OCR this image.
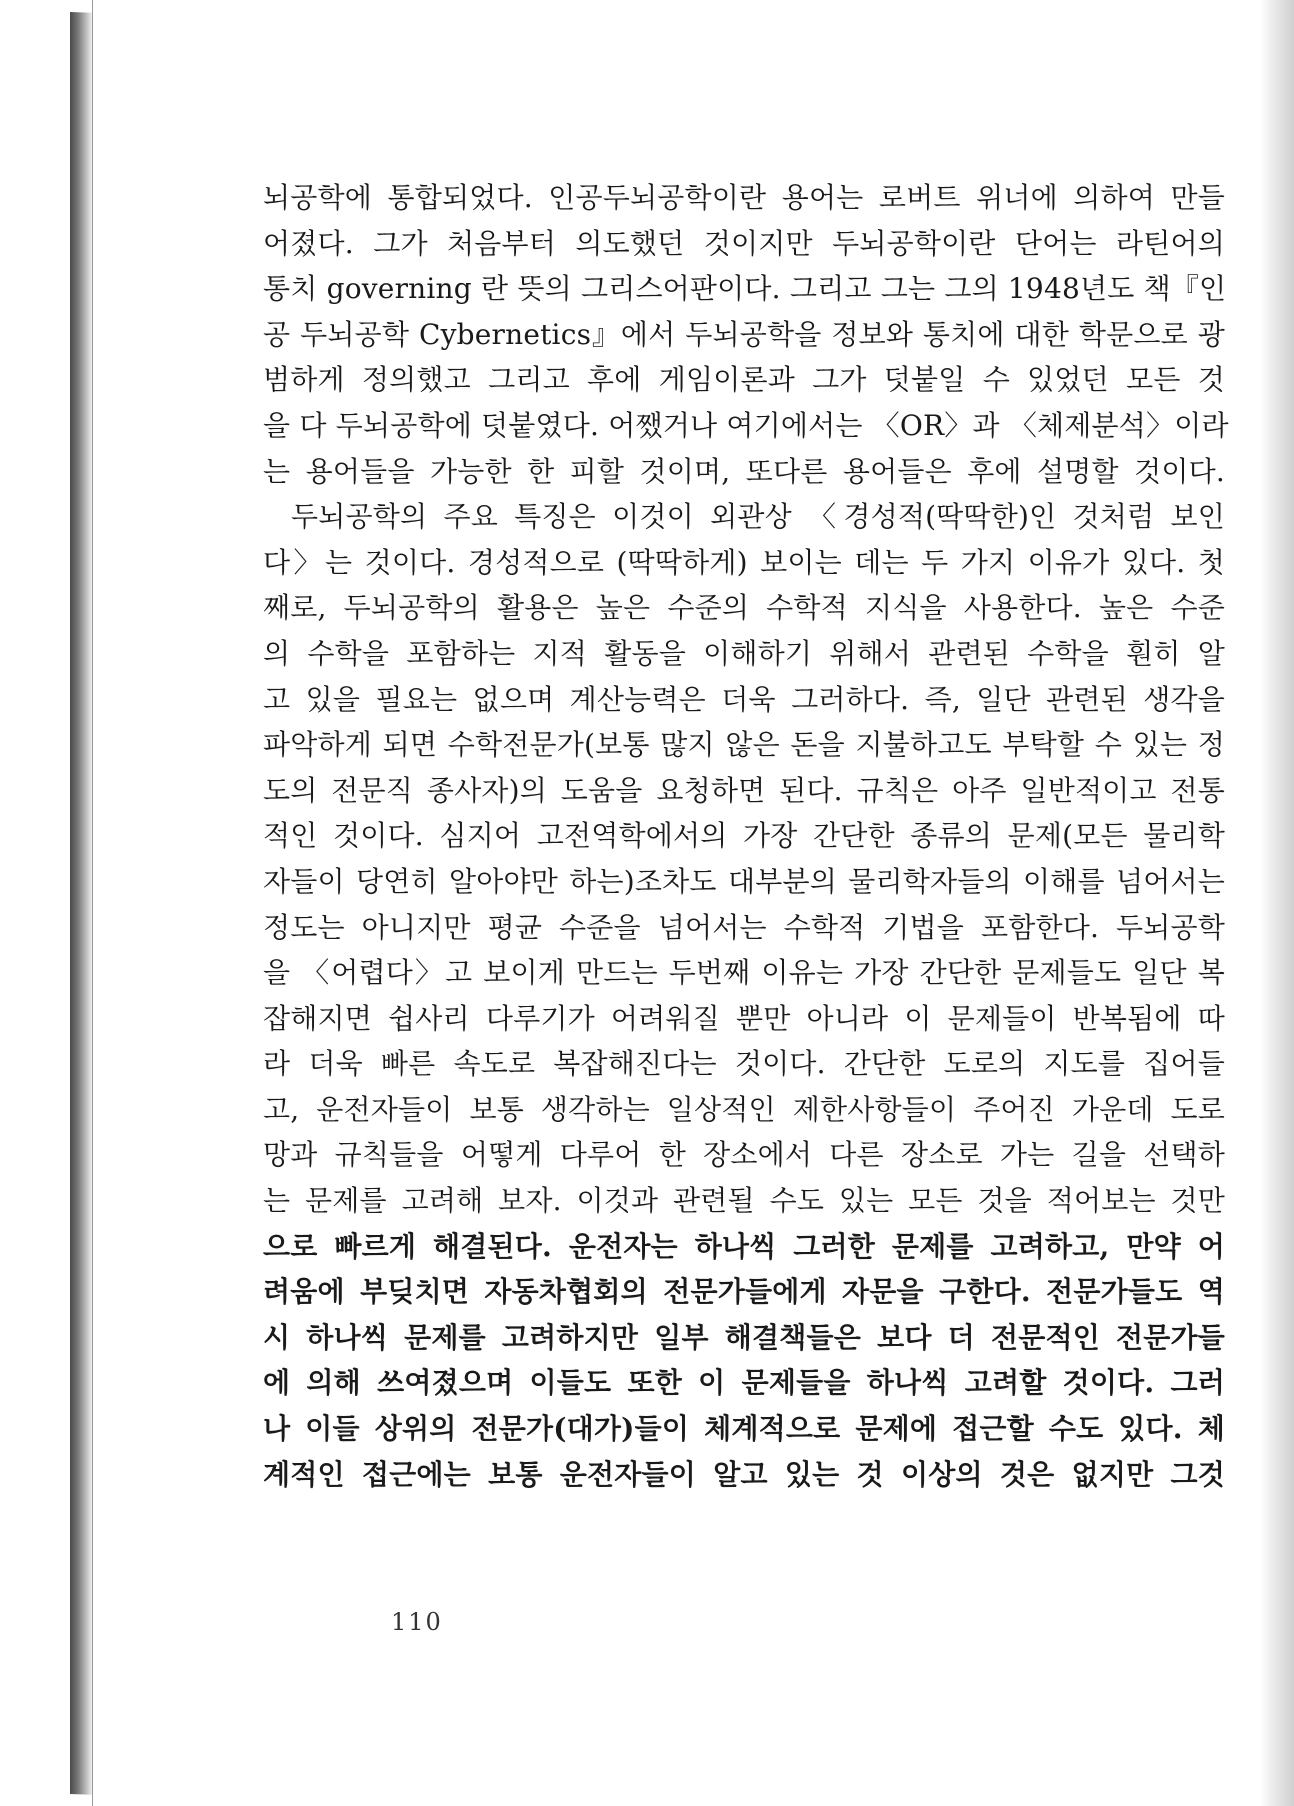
뇌공학에 통합되었다. 인공두뇌공학이란 용어는 로버트 위너에 의하여 만들
어졌다. 그가 처음부터 의도했던 것이지만 두뇌공학이란 단어는 라틴어의
통치 governing 란 뜻의 그리스어판이다. 그리고 그는 그의 1948년도 책『인
공 두뇌공학 Cybernetics』에서 두뇌공학을 정보와 통치에 대한 학문으로 광
범하게 정의했고 그리고 후에 게임이론과 그가 덧붙일 수 있었던 모든 것
을 다 두뇌공학에 덧붙였다. 어쨌거나 여기에서는 〈OR〉과 〈체제분석〉이라
는 용어들을 가능한 한 피할 것이며, 또다른 용어들은 후에 설명할 것이다.
두뇌공학의 주요 특징은 이것이 외관상 〈경성적(딱딱한)인 것처럼 보인
다〉는 것이다. 경성적으로 (딱딱하게) 보이는 데는 두 가지 이유가 있다. 첫
째로, 두뇌공학의 활용은 높은 수준의 수학적 지식을 사용한다. 높은 수준
의 수학을 포함하는 지적 활동을 이해하기 위해서 관련된 수학을 훤히 알
고 있을 필요는 없으며 계산능력은 더욱 그러하다. 즉, 일단 관련된 생각을
파악하게 되면 수학전문가(보통 많지 않은 돈을 지불하고도 부탁할 수 있는 정
도의 전문직 종사자)의 도움을 요청하면 된다. 규칙은 아주 일반적이고 전통
적인 것이다. 심지어 고전역학에서의 가장 간단한 종류의 문제(모든 물리학
자들이 당연히 알아야만 하는)조차도 대부분의 물리학자들의 이해를 넘어서는
정도는 아니지만 평균 수준을 넘어서는 수학적 기법을 포함한다. 두뇌공학
을 〈어렵다〉고 보이게 만드는 두번째 이유는 가장 간단한 문제들도 일단 복
잡해지면 쉽사리 다루기가 어려워질 뿐만 아니라 이 문제들이 반복됨에 따
라 더욱 빠른 속도로 복잡해진다는 것이다. 간단한 도로의 지도를 집어들
고, 운전자들이 보통 생각하는 일상적인 제한사항들이 주어진 가운데 도로
망과 규칙들을 어떻게 다루어 한 장소에서 다른 장소로 가는 길을 선택하
는 문제를 고려해 보자. 이것과 관련될 수도 있는 모든 것을 적어보는 것만
으로 빠르게 해결된다. 운전자는 하나씩 그러한 문제를 고려하고, 만약 어
려움에 부딪치면 자동차협회의 전문가들에게 자문을 구한다. 전문가들도 역
시 하나씩 문제를 고려하지만 일부 해결책들은 보다 더 전문적인 전문가들
에 의해 쓰여졌으며 이들도 또한 이 문제들을 하나씩 고려할 것이다. 그러
나 이들 상위의 전문가(대가)들이 체계적으로 문제에 접근할 수도 있다. 체
계적인 접근에는 보통 운전자들이 알고 있는 것 이상의 것은 없지만 그것
110
